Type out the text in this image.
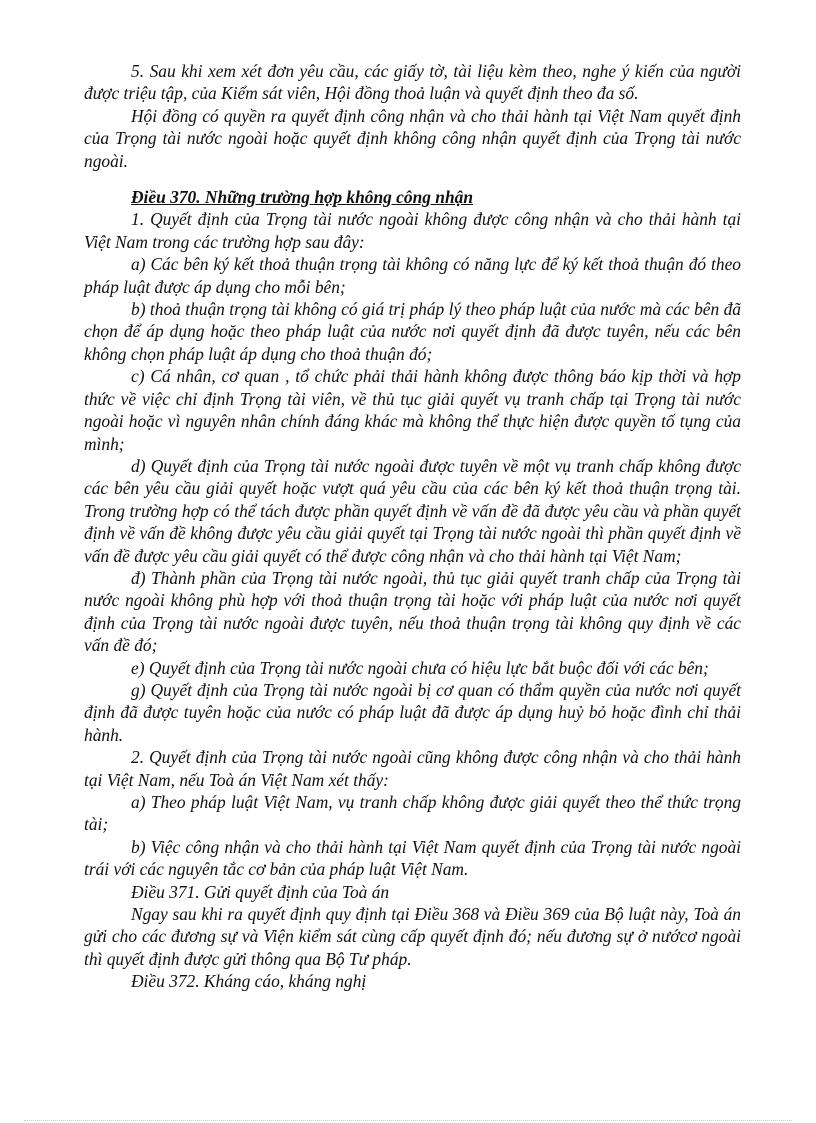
5. Sau khi xem xét đơn yêu cầu, các giấy tờ, tài liệu kèm theo, nghe ý kiến của người được triệu tập, của Kiểm sát viên, Hội đồng thoả luận và quyết định theo đa số.

Hội đồng có quyền ra quyết định công nhận và cho thải hành tại Việt Nam quyết định của Trọng tài nước ngoài hoặc quyết định không công nhận quyết định của Trọng tài nước ngoài.

Điều 370. Những trường hợp không công nhận

1. Quyết định của Trọng tài nước ngoài không được công nhận và cho thải hành tại Việt Nam trong các trường hợp sau đây:

a) Các bên ký kết thoả thuận trọng tài không có năng lực để ký kết thoả thuận đó theo pháp luật được áp dụng cho mỗi bên;

b) thoả thuận trọng tài không có giá trị pháp lý theo pháp luật của nước mà các bên đã chọn để áp dụng hoặc theo pháp luật của nước nơi quyết định đã được tuyên, nếu các bên không chọn pháp luật áp dụng cho thoả thuận đó;

c) Cá nhân, cơ quan , tổ chức phải thải hành không được thông báo kịp thời và hợp thức về việc chỉ định Trọng tài viên, về thủ tục giải quyết vụ tranh chấp tại Trọng tài nước ngoài hoặc vì nguyên nhân chính đáng khác mà không thể thực hiện được quyền tố tụng của mình;

d) Quyết định của Trọng tài nước ngoài được tuyên về một vụ tranh chấp không được các bên yêu cầu giải quyết hoặc vượt quá yêu cầu của các bên ký kết thoả thuận trọng tài. Trong trường hợp có thể tách được phần quyết định về vấn đề đã được yêu cầu và phần quyết định về vấn đề không được yêu cầu giải quyết tại Trọng tài nước ngoài thì phần quyết định về vấn đề được yêu cầu giải quyết có thể được công nhận và cho thải hành tại Việt Nam;

đ) Thành phần của Trọng tài nước ngoài, thủ tục giải quyết tranh chấp của Trọng tài nước ngoài không phù hợp với thoả thuận trọng tài hoặc với pháp luật của nước nơi quyết định của Trọng tài nước ngoài được tuyên, nếu thoả thuận trọng tài không quy định về các vấn đề đó;

e) Quyết định của Trọng tài nước ngoài chưa có hiệu lực bắt buộc đối với các bên;

g) Quyết định của Trọng tài nước ngoài bị cơ quan có thẩm quyền của nước nơi quyết định đã được tuyên hoặc của nước có pháp luật đã được áp dụng huỷ bỏ hoặc đình chỉ thải hành.

2. Quyết định của Trọng tài nước ngoài cũng không được công nhận và cho thải hành tại Việt Nam, nếu Toà án Việt Nam xét thấy:

a) Theo pháp luật Việt Nam, vụ tranh chấp không được giải quyết theo thể thức trọng tài;

b) Việc công nhận và cho thải hành tại Việt Nam quyết định của Trọng tài nước ngoài trái với các nguyên tắc cơ bản của pháp luật Việt Nam.

Điều 371. Gửi quyết định của Toà án

Ngay sau khi ra quyết định quy định tại Điều 368 và Điều 369 của Bộ luật này, Toà án gửi cho các đương sự và Viện kiểm sát cùng cấp quyết định đó; nếu đương sự ở nướcơ ngoài thì quyết định được gửi thông qua Bộ Tư pháp.

Điều 372. Kháng cáo, kháng nghị
